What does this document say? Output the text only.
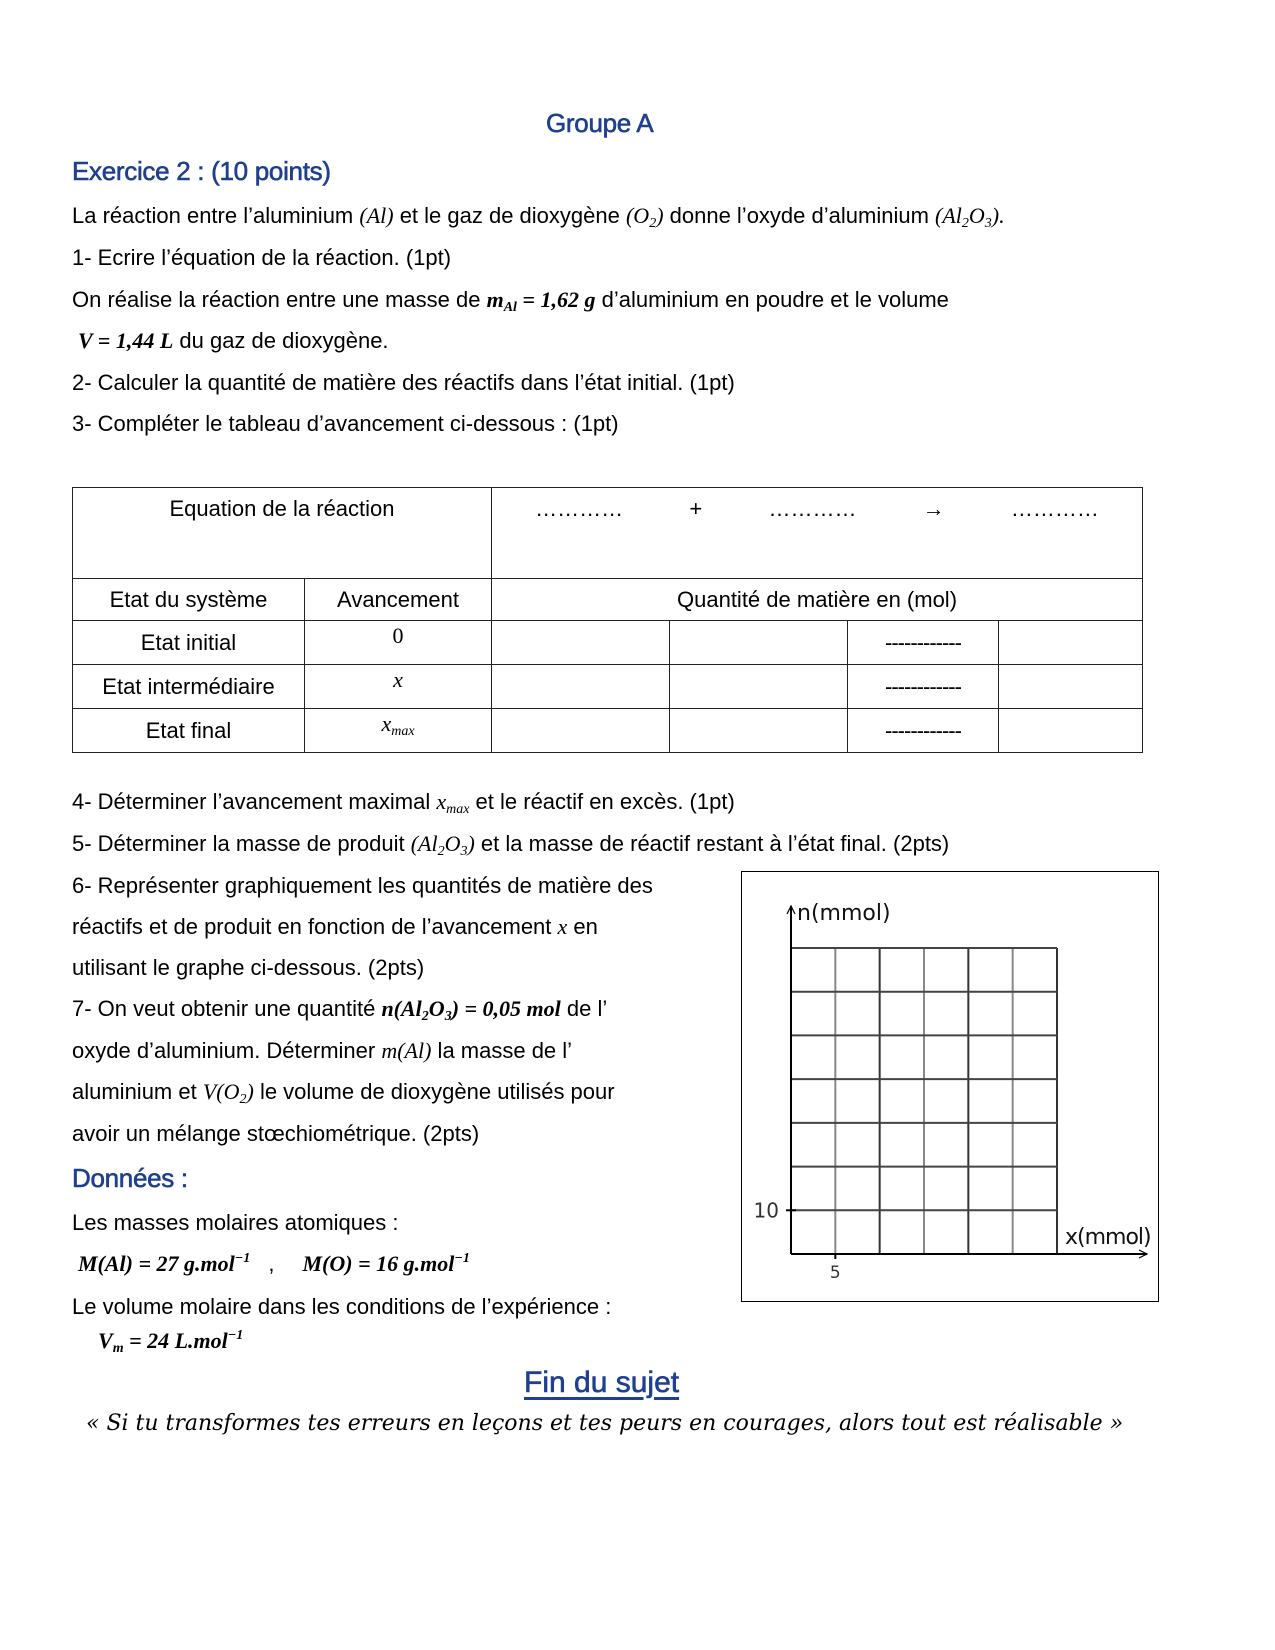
Groupe A
Exercice 2 : (10 points)
La réaction entre l’aluminium (Al) et le gaz de dioxygène $(O_2)$ donne l’oxyde d’aluminium $(Al_2O_3)$.
1- Ecrire l’équation de la réaction. (1pt)
On réalise la réaction entre une masse de $m_{Al} = 1,62$ g d’aluminium en poudre et le volume
V = 1,44 L du gaz de dioxygène.
2- Calculer la quantité de matière des réactifs dans l’état initial. (1pt)
3- Compléter le tableau d’avancement ci-dessous : (1pt)
Equation de la réaction		………… + ………… → …………			

Etat du système	Avancement	Quantité de matière en (mol)			
Etat initial	0			------------	
Etat intermédiaire	x			------------	
Etat final	$x_{max}$			------------	
4- Déterminer l’avancement maximal $x_{max}$ et le réactif en excès. (1pt)
5- Déterminer la masse de produit $(Al_2O_3)$ et la masse de réactif restant à l’état final. (2pts)
6- Représenter graphiquement les quantités de matière des
réactifs et de produit en fonction de l’avancement x en
utilisant le graphe ci-dessous. (2pts)
7- On veut obtenir une quantité $n(Al_2O_3) = 0,05$ mol de l’
oxyde d’aluminium. Déterminer m(Al) la masse de l’
aluminium et $V(O_2)$ le volume de dioxygène utilisés pour
avoir un mélange stœchiométrique. (2pts)
Données :
Les masses molaires atomiques :
M(Al) = 27 g.mol$^{-1}$ , M(O) = 16 g.mol$^{-1}$
Le volume molaire dans les conditions de l’expérience :
$V_m = 24$ L.mol$^{-1}$
n(mmol)
x(mmol)
10
5
Fin du sujet
« Si tu transformes tes erreurs en leçons et tes peurs en courages, alors tout est réalisable »
